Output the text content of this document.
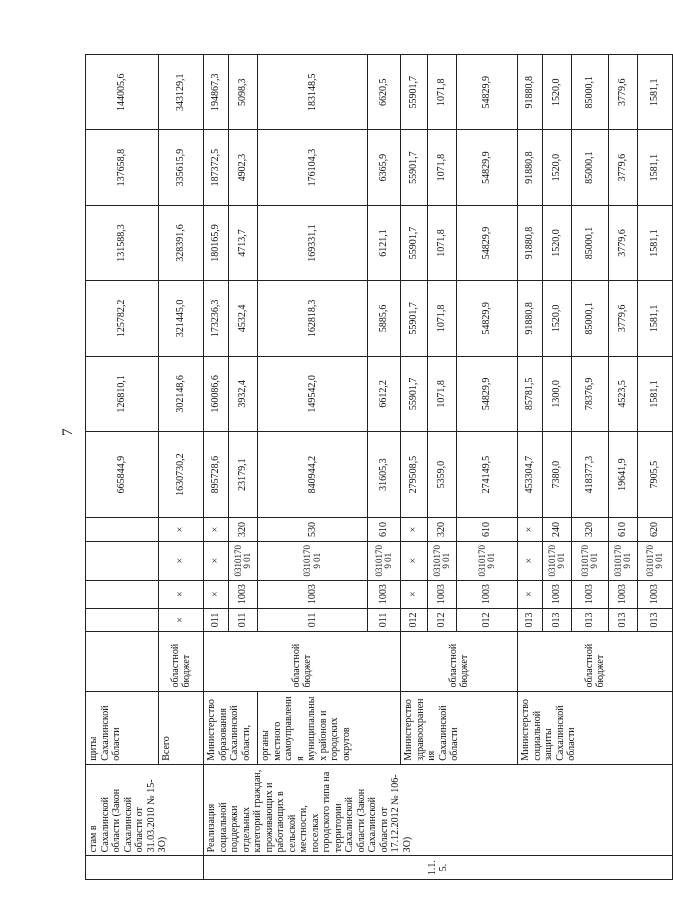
7
	стам в Сахалинской области (Закон Сахалинской области от 31.03.2010 № 15-ЗО)	щиты Сахалинской области						665844,9	126810,1	125782,2	131588,3	137658,8	144005,6
		Всего	областной бюджет	×	×	×	×	1630730,2	302148,6	321445,0	328391,6	335615,9	343129,1
1.1.5.	Реализация социальной поддержки отдельных категорий граждан, проживающих и работающих в сельской местности, поселках городского типа на территории Сахалинской области (Закон Сахалинской области от 17.12.2012 № 106-ЗО)	Министерство образования Сахалинской области,	областной бюджет	011	×	×	×	895728,6	160086,6	173236,3	180165,9	187372,5	194867,3
				011	1003	03101709 01	320	23179,1	3932,4	4532,4	4713,7	4902,3	5098,3
		органы местного самоуправления муниципальных районов и городских округов		011	1003	03101709 01	530	840944,2	149542,0	162818,3	169331,1	176104,3	183148,5
				011	1003	03101709 01	610	31605,3	6612,2	5885,6	6121,1	6365,9	6620,5
		Министерство здравоохранения Сахалинской области	областной бюджет	012	×	×	×	279508,5	55901,7	55901,7	55901,7	55901,7	55901,7
				012	1003	03101709 01	320	5359,0	1071,8	1071,8	1071,8	1071,8	1071,8
				012	1003	03101709 01	610	274149,5	54829,9	54829,9	54829,9	54829,9	54829,9
		Министерство социальной защиты Сахалинской области	областной бюджет	013	×	×	×	453304,7	85781,5	91880,8	91880,8	91880,8	91880,8
				013	1003	03101709 01	240	7380,0	1300,0	1520,0	1520,0	1520,0	1520,0
				013	1003	03101709 01	320	418377,3	78376,9	85000,1	85000,1	85000,1	85000,1
				013	1003	03101709 01	610	19641,9	4523,5	3779,6	3779,6	3779,6	3779,6
				013	1003	03101709 01	620	7905,5	1581,1	1581,1	1581,1	1581,1	1581,1
